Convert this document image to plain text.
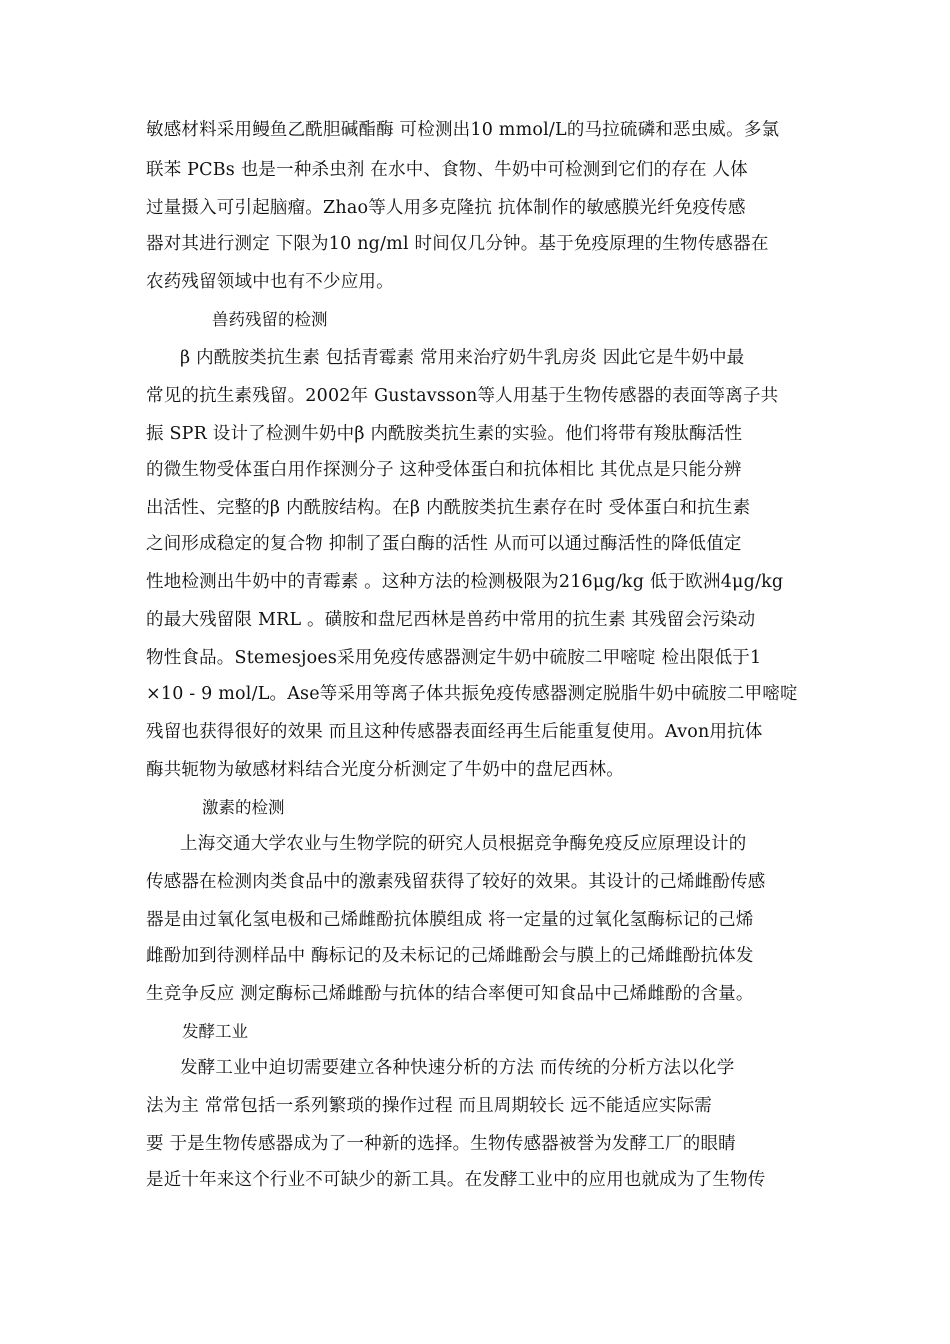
敏感材料采用鳗鱼乙酰胆碱酯酶 可检测出10 mmol/L的马拉硫磷和恶虫威。多氯
联苯 PCBs 也是一种杀虫剂 在水中、食物、牛奶中可检测到它们的存在 人体
过量摄入可引起脑瘤。Zhao等人用多克隆抗 抗体制作的敏感膜光纤免疫传感
器对其进行测定 下限为10 ng/ml 时间仅几分钟。基于免疫原理的生物传感器在
农药残留领域中也有不少应用。
兽药残留的检测
β 内酰胺类抗生素 包括青霉素 常用来治疗奶牛乳房炎 因此它是牛奶中最
常见的抗生素残留。2002年 Gustavsson等人用基于生物传感器的表面等离子共
振 SPR 设计了检测牛奶中β 内酰胺类抗生素的实验。他们将带有羧肽酶活性
的微生物受体蛋白用作探测分子 这种受体蛋白和抗体相比 其优点是只能分辨
出活性、完整的β 内酰胺结构。在β 内酰胺类抗生素存在时 受体蛋白和抗生素
之间形成稳定的复合物 抑制了蛋白酶的活性 从而可以通过酶活性的降低值定
性地检测出牛奶中的青霉素 。这种方法的检测极限为216μg/kg 低于欧洲4μg/kg
的最大残留限 MRL 。磺胺和盘尼西林是兽药中常用的抗生素 其残留会污染动
物性食品。Stemesjoes采用免疫传感器测定牛奶中硫胺二甲嘧啶 检出限低于1
×10 - 9 mol/L。Ase等采用等离子体共振免疫传感器测定脱脂牛奶中硫胺二甲嘧啶
残留也获得很好的效果 而且这种传感器表面经再生后能重复使用。Avon用抗体
酶共轭物为敏感材料结合光度分析测定了牛奶中的盘尼西林。
激素的检测
上海交通大学农业与生物学院的研究人员根据竞争酶免疫反应原理设计的
传感器在检测肉类食品中的激素残留获得了较好的效果。其设计的己烯雌酚传感
器是由过氧化氢电极和己烯雌酚抗体膜组成 将一定量的过氧化氢酶标记的己烯
雌酚加到待测样品中 酶标记的及未标记的己烯雌酚会与膜上的己烯雌酚抗体发
生竞争反应 测定酶标己烯雌酚与抗体的结合率便可知食品中己烯雌酚的含量。
发酵工业
发酵工业中迫切需要建立各种快速分析的方法 而传统的分析方法以化学
法为主 常常包括一系列繁琐的操作过程 而且周期较长 远不能适应实际需
要 于是生物传感器成为了一种新的选择。生物传感器被誉为发酵工厂的眼睛
是近十年来这个行业不可缺少的新工具。在发酵工业中的应用也就成为了生物传
